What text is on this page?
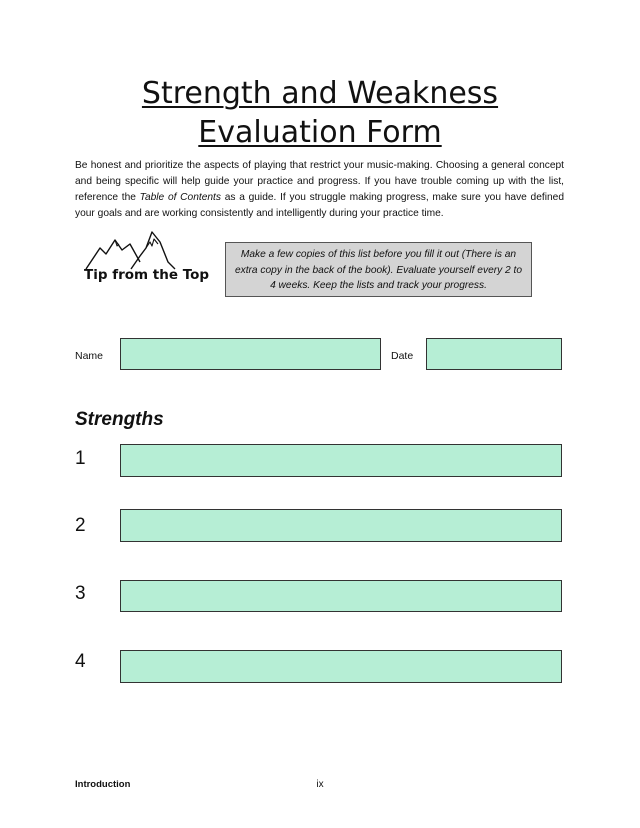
Strength and Weakness
Evaluation Form

Be honest and prioritize the aspects of playing that restrict your music-making. Choosing a general concept and being specific will help guide your practice and progress. If you have trouble coming up with the list, reference the Table of Contents as a guide. If you struggle making progress, make sure you have defined your goals and are working consistently and intelligently during your practice time.

Tip from the Top
Make a few copies of this list before you fill it out (There is an extra copy in the back of the book). Evaluate yourself every 2 to 4 weeks. Keep the lists and track your progress.
Name	Date
Strengths
1
2
3
4
Introduction	ix
